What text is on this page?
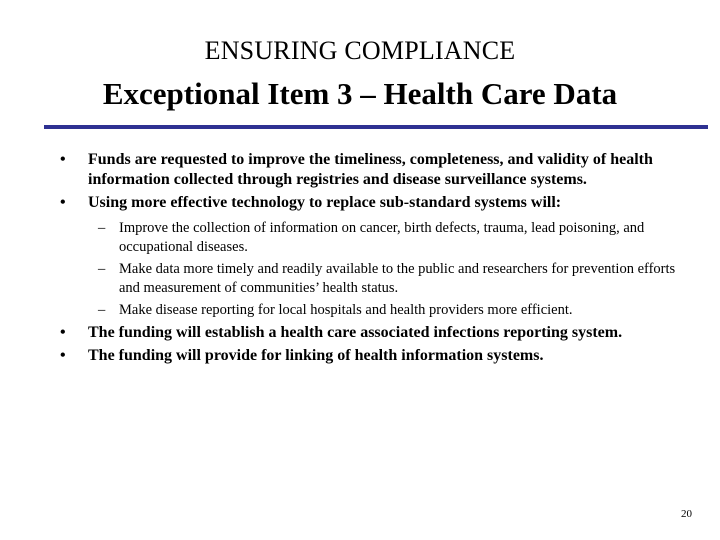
ENSURING COMPLIANCE
Exceptional Item 3 – Health Care Data
•	Funds are requested to improve the timeliness, completeness, and validity of health information collected through registries and disease surveillance systems.
•	Using more effective technology to replace sub-standard systems will:
– Improve the collection of information on cancer, birth defects, trauma, lead poisoning, and occupational diseases.
– Make data more timely and readily available to the public and researchers for prevention efforts and measurement of communities’ health status.
– Make disease reporting for local hospitals and health providers more efficient.
•	The funding will establish a health care associated infections reporting system.
•	The funding will provide for linking of health information systems.
20
